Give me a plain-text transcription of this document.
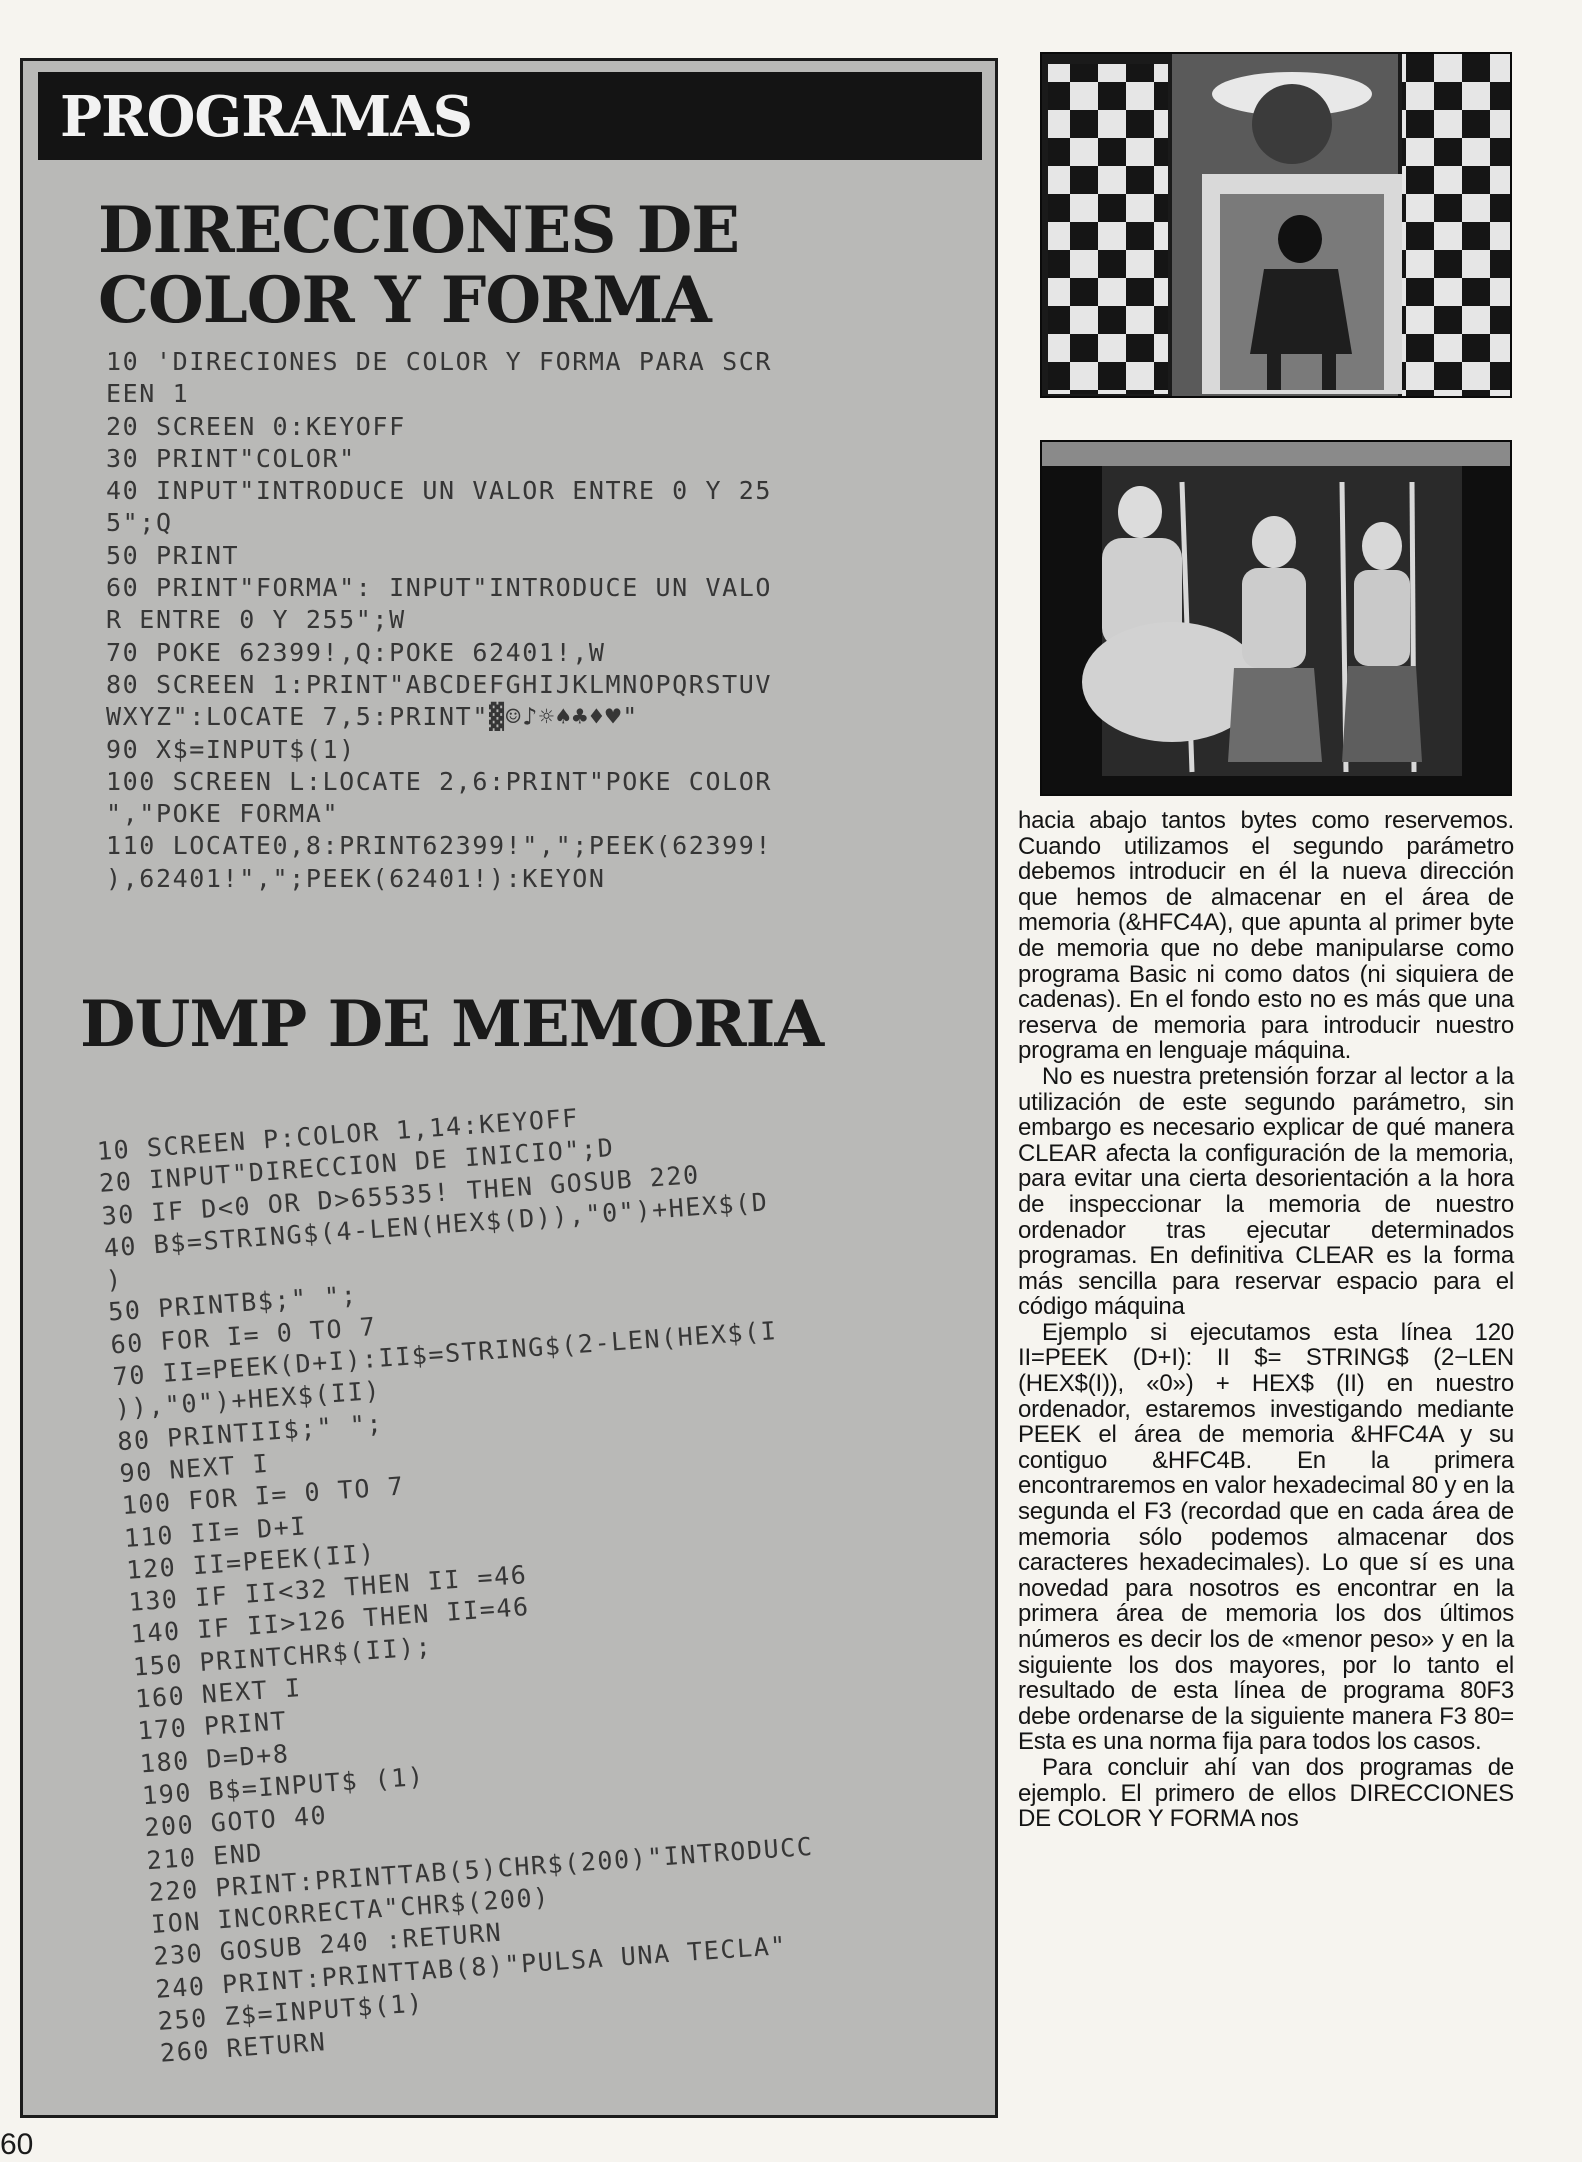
PROGRAMAS
DIRECCIONES DE COLOR Y FORMA
10 'DIRECIONES DE COLOR Y FORMA PARA SCR
EEN 1
20 SCREEN 0:KEYOFF
30 PRINT"COLOR"
40 INPUT"INTRODUCE UN VALOR ENTRE 0 Y 25
5";Q
50 PRINT
60 PRINT"FORMA": INPUT"INTRODUCE UN VALO
R ENTRE 0 Y 255";W
70 POKE 62399!,Q:POKE 62401!,W
80 SCREEN 1:PRINT"ABCDEFGHIJKLMNOPQRSTUV
WXYZ":LOCATE 7,5:PRINT"▓☺♪☼♠♣♦♥"
90 X$=INPUT$(1)
100 SCREEN L:LOCATE 2,6:PRINT"POKE COLOR
","POKE FORMA"
110 LOCATE0,8:PRINT62399!",";PEEK(62399!
),62401!",";PEEK(62401!):KEYON
DUMP DE MEMORIA
10 SCREEN P:COLOR 1,14:KEYOFF
20 INPUT"DIRECCION DE INICIO";D
30 IF D<0 OR D>65535! THEN GOSUB 220
40 B$=STRING$(4-LEN(HEX$(D)),"0")+HEX$(D
)
50 PRINTB$;" ";
60 FOR I= 0 TO 7
70 II=PEEK(D+I):II$=STRING$(2-LEN(HEX$(I
)),"0")+HEX$(II)
80 PRINTII$;" ";
90 NEXT I
100 FOR I= 0 TO 7
110 II= D+I
120 II=PEEK(II)
130 IF II<32 THEN II =46
140 IF II>126 THEN II=46
150 PRINTCHR$(II);
160 NEXT I
170 PRINT
180 D=D+8
190 B$=INPUT$ (1)
200 GOTO 40
210 END
220 PRINT:PRINTTAB(5)CHR$(200)"INTRODUCC
ION INCORRECTA"CHR$(200)
230 GOSUB 240 :RETURN
240 PRINT:PRINTTAB(8)"PULSA UNA TECLA"
250 Z$=INPUT$(1)
260 RETURN

hacia abajo tantos bytes como reservemos. Cuando utilizamos el segundo parámetro debemos introducir en él la nueva dirección que hemos de almacenar en el área de memoria (&HFC4A), que apunta al primer byte de memoria que no debe manipularse como programa Basic ni como datos (ni siquiera de cadenas). En el fondo esto no es más que una reserva de memoria para introducir nuestro programa en lenguaje máquina.

No es nuestra pretensión forzar al lector a la utilización de este segundo parámetro, sin embargo es necesario explicar de qué manera CLEAR afecta la configuración de la memoria, para evitar una cierta desorientación a la hora de inspeccionar la memoria de nuestro ordenador tras ejecutar determinados programas. En definitiva CLEAR es la forma más sencilla para reservar espacio para el código máquina

Ejemplo si ejecutamos esta línea 120 II=PEEK (D+I): II $= STRING$ (2−LEN (HEX$(I)), «0») + HEX$ (II) en nuestro ordenador, estaremos investigando mediante PEEK el área de memoria &HFC4A y su contiguo &HFC4B. En la primera encontraremos en valor hexadecimal 80 y en la segunda el F3 (recordad que en cada área de memoria sólo podemos almacenar dos caracteres hexadecimales). Lo que sí es una novedad para nosotros es encontrar en la primera área de memoria los dos últimos números es decir los de «menor peso» y en la siguiente los dos mayores, por lo tanto el resultado de esta línea de programa 80F3 debe ordenarse de la siguiente manera F3 80= Esta es una norma fija para todos los casos.

Para concluir ahí van dos programas de ejemplo. El primero de ellos DIRECCIONES DE COLOR Y FORMA nos

60
